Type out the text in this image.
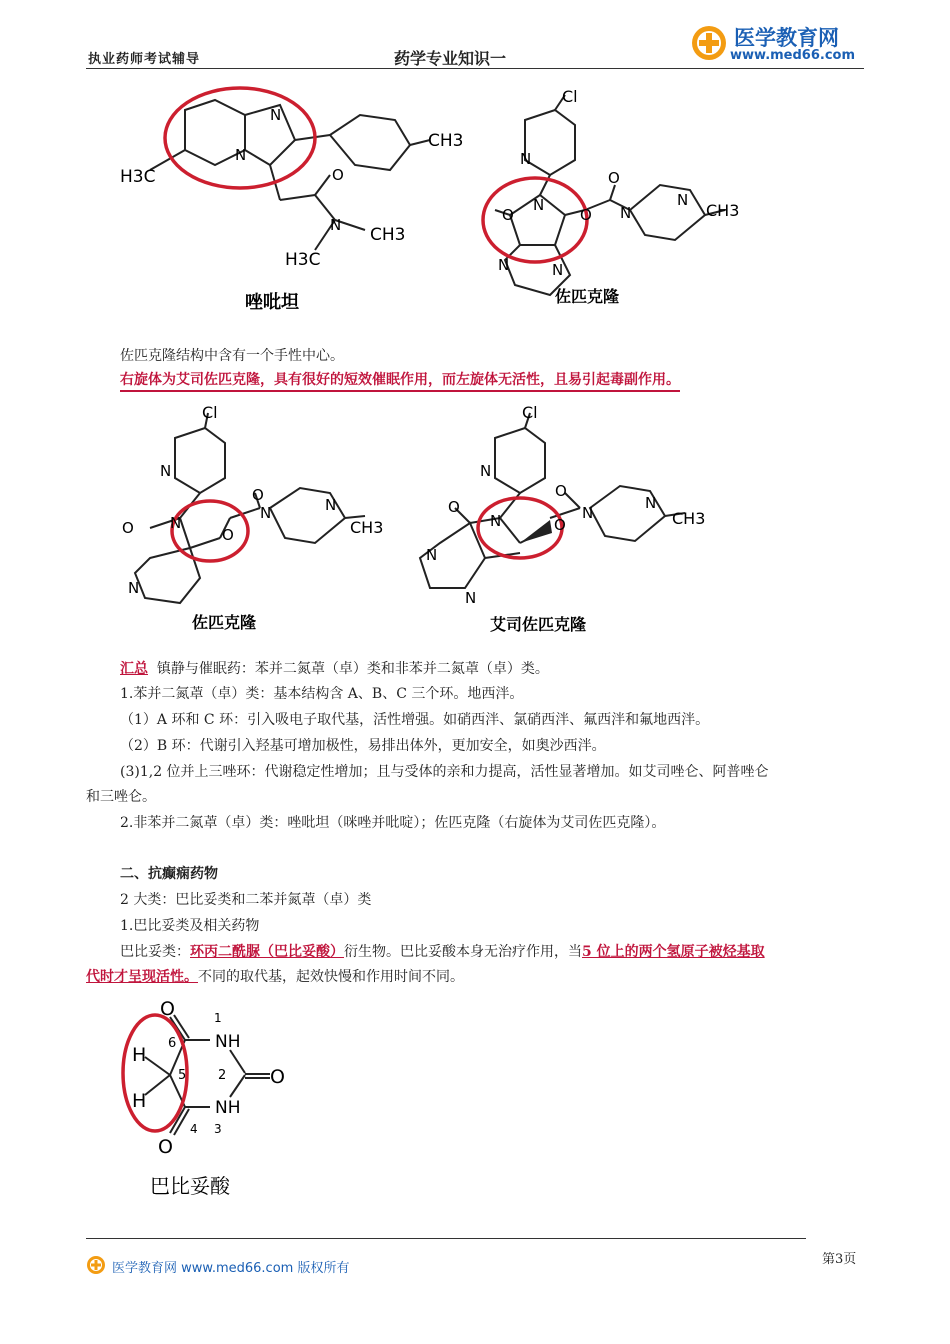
执业药师考试辅导	药学专业知识一
医学教育网
www.med66.com
H3C
CH3
N
N
O
N CH3
H3C
唑吡坦
Cl
N
N
O	O
O
N
N
CH3
N	N
佐匹克隆
佐匹克隆结构中含有一个手性中心。
右旋体为艾司佐匹克隆，具有很好的短效催眠作用，而左旋体无活性，且易引起毒副作用。
Cl
N
N
O	O
O
N	N
CH3
N
佐匹克隆
Cl
N
N
O
O
O
N
N
CH3
N
N
艾司佐匹克隆
汇总 镇静与催眠药：苯并二氮䓬（卓）类和非苯并二氮䓬（卓）类。
1.苯并二氮䓬（卓）类：基本结构含 A、B、C 三个环。地西泮。
（1）A 环和 C 环：引入吸电子取代基，活性增强。如硝西泮、氯硝西泮、氟西泮和氟地西泮。
（2）B 环：代谢引入羟基可增加极性，易排出体外，更加安全，如奥沙西泮。
(3)1,2 位并上三唑环：代谢稳定性增加；且与受体的亲和力提高，活性显著增加。如艾司唑仑、阿普唑仑
和三唑仑。
2.非苯并二氮䓬（卓）类：唑吡坦（咪唑并吡啶）；佐匹克隆（右旋体为艾司佐匹克隆）。
二、抗癫痫药物
2 大类：巴比妥类和二苯并氮䓬（卓）类
1.巴比妥类及相关药物
巴比妥类：环丙二酰脲（巴比妥酸）衍生物。巴比妥酸本身无治疗作用，当5 位上的两个氢原子被烃基取
代时才呈现活性。不同的取代基，起效快慢和作用时间不同。
O
NH
NH
O
O
H
H
1
2
3
4
5
6
巴比妥酸
医学教育网 www.med66.com 版权所有
第3页
